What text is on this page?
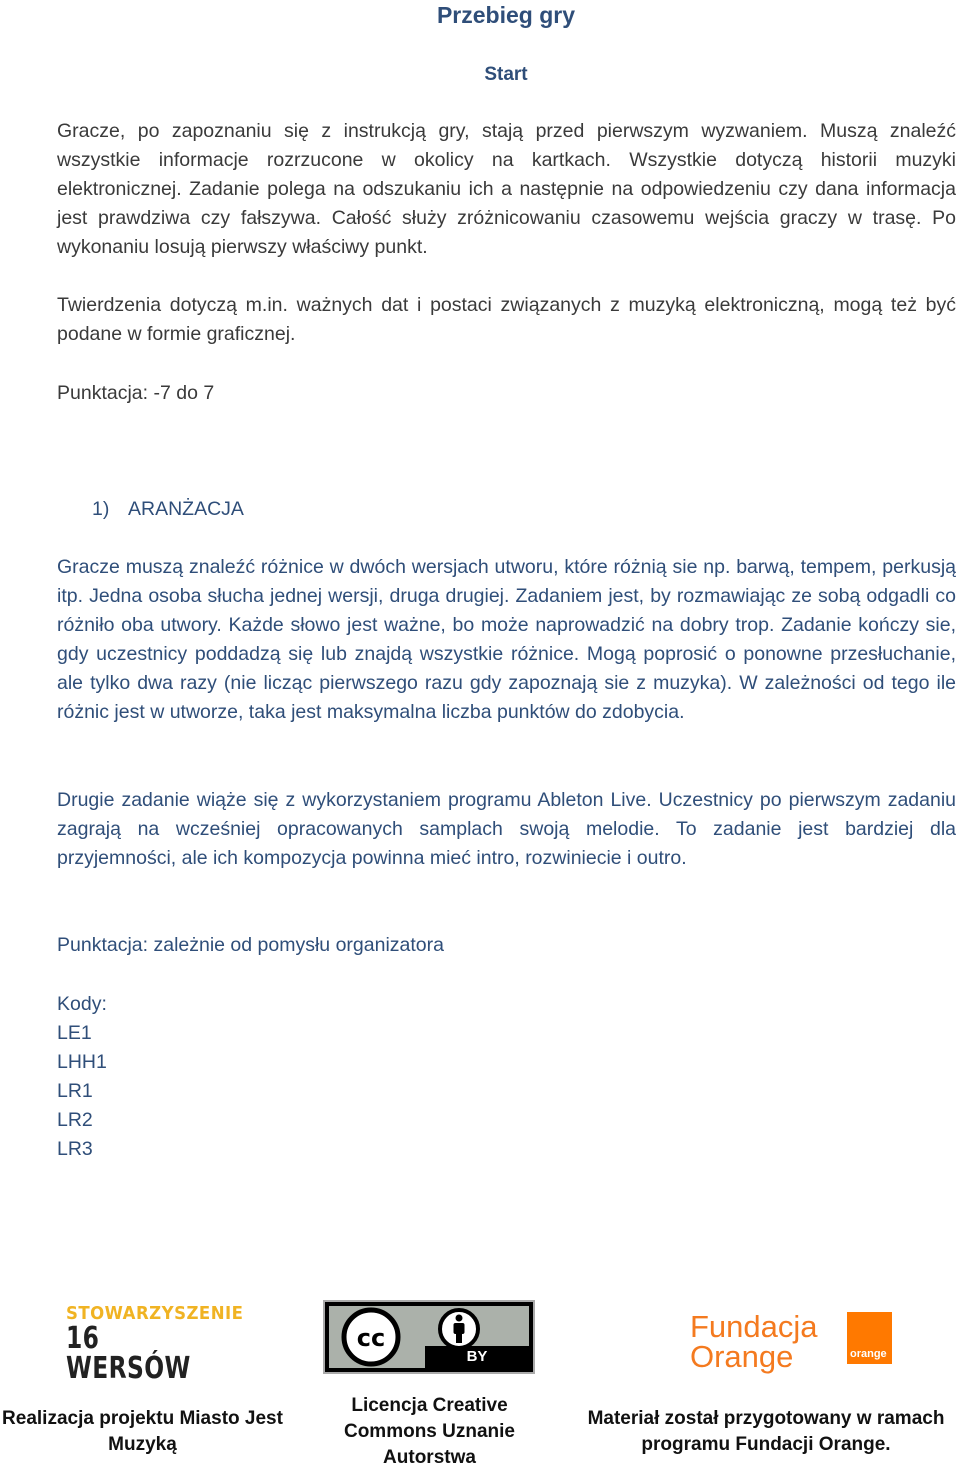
Przebieg gry
Start

Gracze, po zapoznaniu się z instrukcją gry, stają przed pierwszym wyzwaniem. Muszą znaleźć wszystkie informacje rozrzucone w okolicy na kartkach. Wszystkie dotyczą historii muzyki elektronicznej. Zadanie polega na odszukaniu ich a następnie na odpowiedzeniu czy dana informacja jest prawdziwa czy fałszywa. Całość służy zróżnicowaniu czasowemu wejścia graczy w trasę. Po wykonaniu losują pierwszy właściwy punkt.

Twierdzenia dotyczą m.in. ważnych dat i postaci związanych z muzyką elektroniczną, mogą też być podane w formie graficznej.

Punktacja: -7 do 7

1) ARANŻACJA

Gracze muszą znaleźć różnice w dwóch wersjach utworu, które różnią sie np. barwą, tempem, perkusją itp. Jedna osoba słucha jednej wersji, druga drugiej. Zadaniem jest, by rozmawiając ze sobą odgadli co różniło oba utwory. Każde słowo jest ważne, bo może naprowadzić na dobry trop. Zadanie kończy sie, gdy uczestnicy poddadzą się lub znajdą wszystkie różnice. Mogą poprosić o ponowne przesłuchanie, ale tylko dwa razy (nie licząc pierwszego razu gdy zapoznają sie z muzyka). W zależności od tego ile różnic jest w utworze, taka jest maksymalna liczba punktów do zdobycia.

Drugie zadanie wiąże się z wykorzystaniem programu Ableton Live. Uczestnicy po pierwszym zadaniu zagrają na wcześniej opracowanych samplach swoją melodie. To zadanie jest bardziej dla przyjemności, ale ich kompozycja powinna mieć intro, rozwiniecie i outro.

Punktacja: zależnie od pomysłu organizatora

Kody:
LE1
LHH1
LR1
LR2
LR3
STOWARZYSZENIE
16 WERSÓW
cc
BY
Fundacja
Orange	orange
Realizacja projektu Miasto Jest Muzyką
Licencja Creative Commons Uznanie Autorstwa
Materiał został przygotowany w ramach programu Fundacji Orange.
